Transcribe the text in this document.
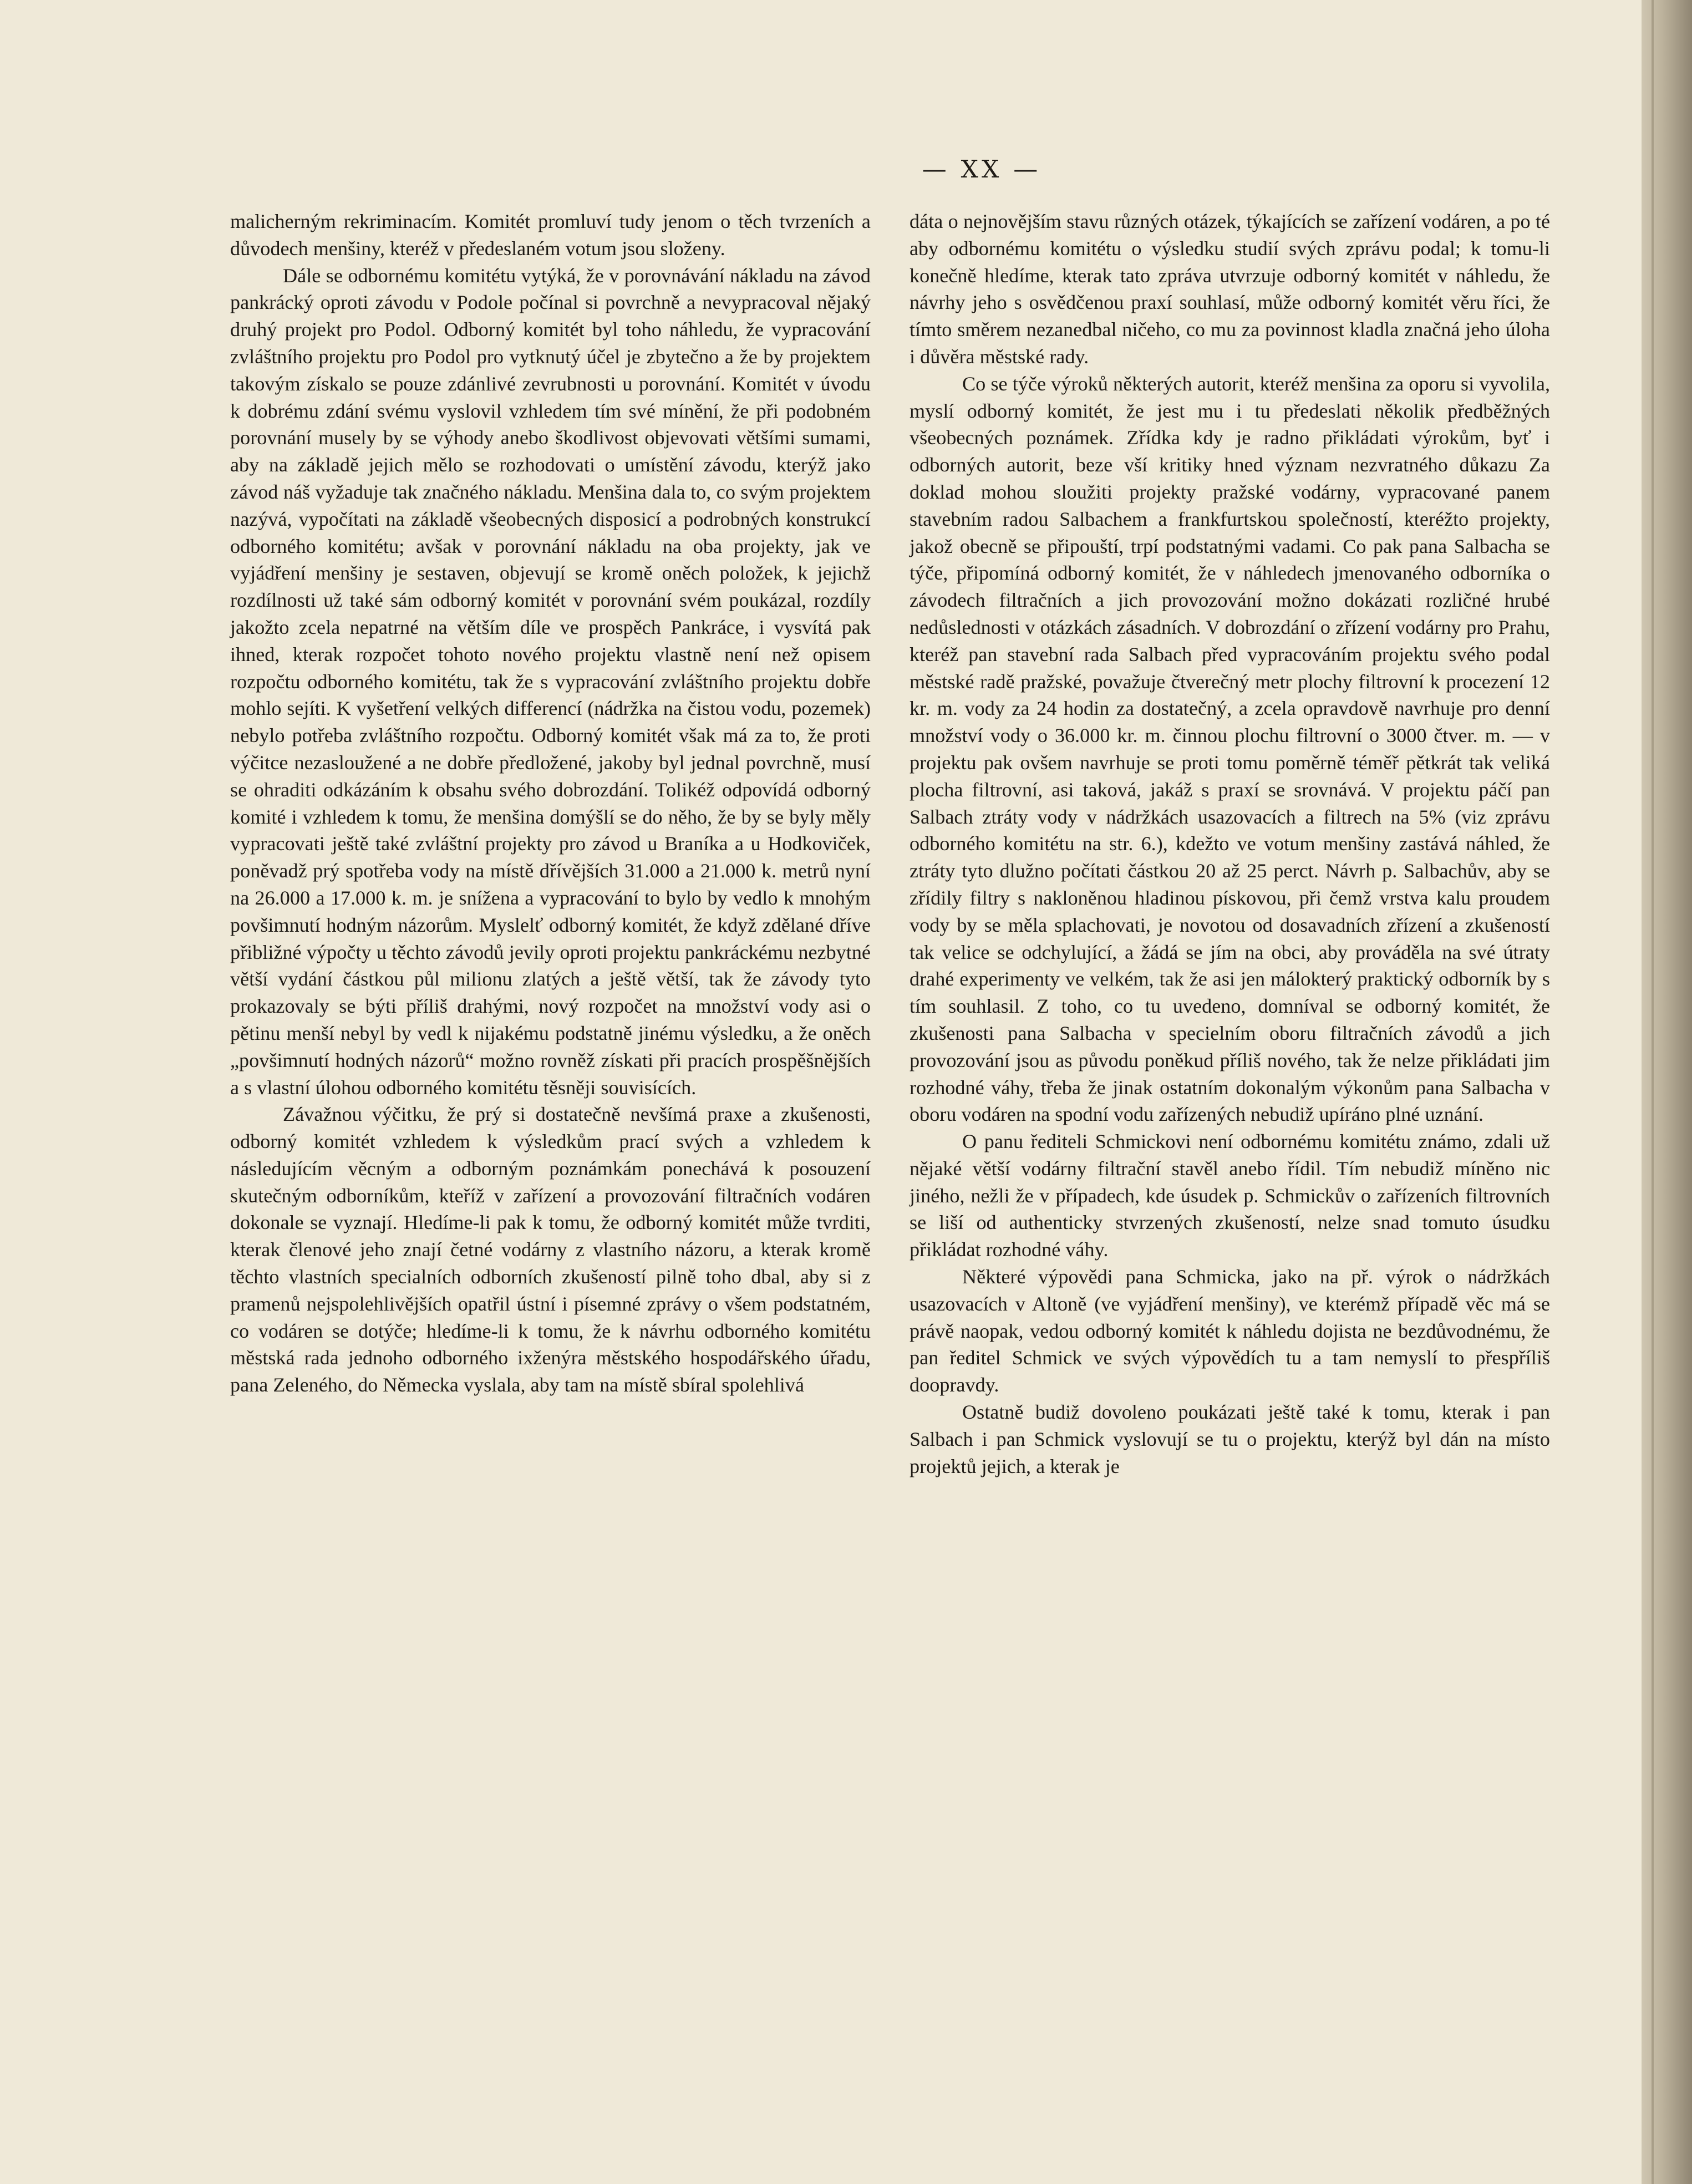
— XX —

malicherným rekriminacím. Komitét promluví tudy jenom o těch tvrzeních a důvodech menšiny, kteréž v předeslaném votum jsou složeny.

Dále se odbornému komitétu vytýká, že v porovnávání nákladu na závod pankrácký oproti závodu v Podole počínal si povrchně a nevypracoval nějaký druhý projekt pro Podol. Odborný komitét byl toho náhledu, že vypracování zvláštního projektu pro Podol pro vytknutý účel je zbytečno a že by projektem takovým získalo se pouze zdánlivé zevrubnosti u porovnání. Komitét v úvodu k dobrému zdání svému vyslovil vzhledem tím své mínění, že při podobném porovnání musely by se výhody anebo škodlivost objevovati většími sumami, aby na základě jejich mělo se rozhodovati o umístění závodu, kterýž jako závod náš vyžaduje tak značného nákladu. Menšina dala to, co svým projektem nazývá, vypočítati na základě všeobecných disposicí a podrobných konstrukcí odborného komitétu; avšak v porovnání nákladu na oba projekty, jak ve vyjádření menšiny je sestaven, objevují se kromě oněch položek, k jejichž rozdílnosti už také sám odborný komitét v porovnání svém poukázal, rozdíly jakožto zcela nepatrné na větším díle ve prospěch Pankráce, i vysvítá pak ihned, kterak rozpočet tohoto nového projektu vlastně není než opisem rozpočtu odborného komitétu, tak že s vypracování zvláštního projektu dobře mohlo sejíti. K vyšetření velkých differencí (nádržka na čistou vodu, pozemek) nebylo potřeba zvláštního rozpočtu. Odborný komitét však má za to, že proti výčitce nezasloužené a ne dobře předložené, jakoby byl jednal povrchně, musí se ohraditi odkázáním k obsahu svého dobrozdání. Tolikéž odpovídá odborný komité i vzhledem k tomu, že menšina domýšlí se do něho, že by se byly měly vypracovati ještě také zvláštní projekty pro závod u Braníka a u Hodkoviček, poněvadž prý spotřeba vody na místě dřívějších 31.000 a 21.000 k. metrů nyní na 26.000 a 17.000 k. m. je snížena a vypracování to bylo by vedlo k mnohým povšimnutí hodným názorům. Myslelť odborný komitét, že když zdělané dříve přibližné výpočty u těchto závodů jevily oproti projektu pankráckému nezbytné větší vydání částkou půl milionu zlatých a ještě větší, tak že závody tyto prokazovaly se býti příliš drahými, nový rozpočet na množství vody asi o pětinu menší nebyl by vedl k nijakému podstatně jinému výsledku, a že oněch „povšimnutí hodných názorů“ možno rovněž získati při pracích prospěšnějších a s vlastní úlohou odborného komitétu těsněji souvisících.

Závažnou výčitku, že prý si dostatečně nevšímá praxe a zkušenosti, odborný komitét vzhledem k výsledkům prací svých a vzhledem k následujícím věcným a odborným poznámkám ponechává k posouzení skutečným odborníkům, kteříž v zařízení a provozování filtračních vodáren dokonale se vyznají. Hledíme-li pak k tomu, že odborný komitét může tvrditi, kterak členové jeho znají četné vodárny z vlastního názoru, a kterak kromě těchto vlastních specialních odborních zkušeností pilně toho dbal, aby si z pramenů nejspolehlivějších opatřil ústní i písemné zprávy o všem podstatném, co vodáren se dotýče; hledíme-li k tomu, že k návrhu odborného komitétu městská rada jednoho odborného ixženýra městského hospodářského úřadu, pana Zeleného, do Německa vyslala, aby tam na místě sbíral spolehlivá

dáta o nejnovějším stavu různých otázek, týkajících se zařízení vodáren, a po té aby odbornému komitétu o výsledku studií svých zprávu podal; k tomu-li konečně hledíme, kterak tato zpráva utvrzuje odborný komitét v náhledu, že návrhy jeho s osvědčenou praxí souhlasí, může odborný komitét věru říci, že tímto směrem nezanedbal ničeho, co mu za povinnost kladla značná jeho úloha i důvěra městské rady.

Co se týče výroků některých autorit, kteréž menšina za oporu si vyvolila, myslí odborný komitét, že jest mu i tu předeslati několik předběžných všeobecných poznámek. Zřídka kdy je radno přikládati výrokům, byť i odborných autorit, beze vší kritiky hned význam nezvratného důkazu Za doklad mohou sloužiti projekty pražské vodárny, vypracované panem stavebním radou Salbachem a frankfurtskou společností, kteréžto projekty, jakož obecně se připouští, trpí podstatnými vadami. Co pak pana Salbacha se týče, připomíná odborný komitét, že v náhledech jmenovaného odborníka o závodech filtračních a jich provozování možno dokázati rozličné hrubé nedůslednosti v otázkách zásadních. V dobrozdání o zřízení vodárny pro Prahu, kteréž pan stavební rada Salbach před vypracováním projektu svého podal městské radě pražské, považuje čtverečný metr plochy filtrovní k procezení 12 kr. m. vody za 24 hodin za dostatečný, a zcela opravdově navrhuje pro denní množství vody o 36.000 kr. m. činnou plochu filtrovní o 3000 čtver. m. — v projektu pak ovšem navrhuje se proti tomu poměrně téměř pětkrát tak veliká plocha filtrovní, asi taková, jakáž s praxí se srovnává. V projektu páčí pan Salbach ztráty vody v nádržkách usazovacích a filtrech na 5% (viz zprávu odborného komitétu na str. 6.), kdežto ve votum menšiny zastává náhled, že ztráty tyto dlužno počítati částkou 20 až 25 perct. Návrh p. Salbachův, aby se zřídily filtry s nakloněnou hladinou pískovou, při čemž vrstva kalu proudem vody by se měla splachovati, je novotou od dosavadních zřízení a zkušeností tak velice se odchylující, a žádá se jím na obci, aby prováděla na své útraty drahé experimenty ve velkém, tak že asi jen málokterý praktický odborník by s tím souhlasil. Z toho, co tu uvedeno, domníval se odborný komitét, že zkušenosti pana Salbacha v specielním oboru filtračních závodů a jich provozování jsou as původu poněkud příliš nového, tak že nelze přikládati jim rozhodné váhy, třeba že jinak ostatním dokonalým výkonům pana Salbacha v oboru vodáren na spodní vodu zařízených nebudiž upíráno plné uznání.

O panu řediteli Schmickovi není odbornému komitétu známo, zdali už nějaké větší vodárny filtrační stavěl anebo řídil. Tím nebudiž míněno nic jiného, nežli že v případech, kde úsudek p. Schmickův o zařízeních filtrovních se liší od authenticky stvrzených zkušeností, nelze snad tomuto úsudku přikládat rozhodné váhy.

Některé výpovědi pana Schmicka, jako na př. výrok o nádržkách usazovacích v Altoně (ve vyjádření menšiny), ve kterémž případě věc má se právě naopak, vedou odborný komitét k náhledu dojista ne bezdůvodnému, že pan ředitel Schmick ve svých výpovědích tu a tam nemyslí to přespříliš doopravdy.

Ostatně budiž dovoleno poukázati ještě také k tomu, kterak i pan Salbach i pan Schmick vyslovují se tu o projektu, kterýž byl dán na místo projektů jejich, a kterak je
